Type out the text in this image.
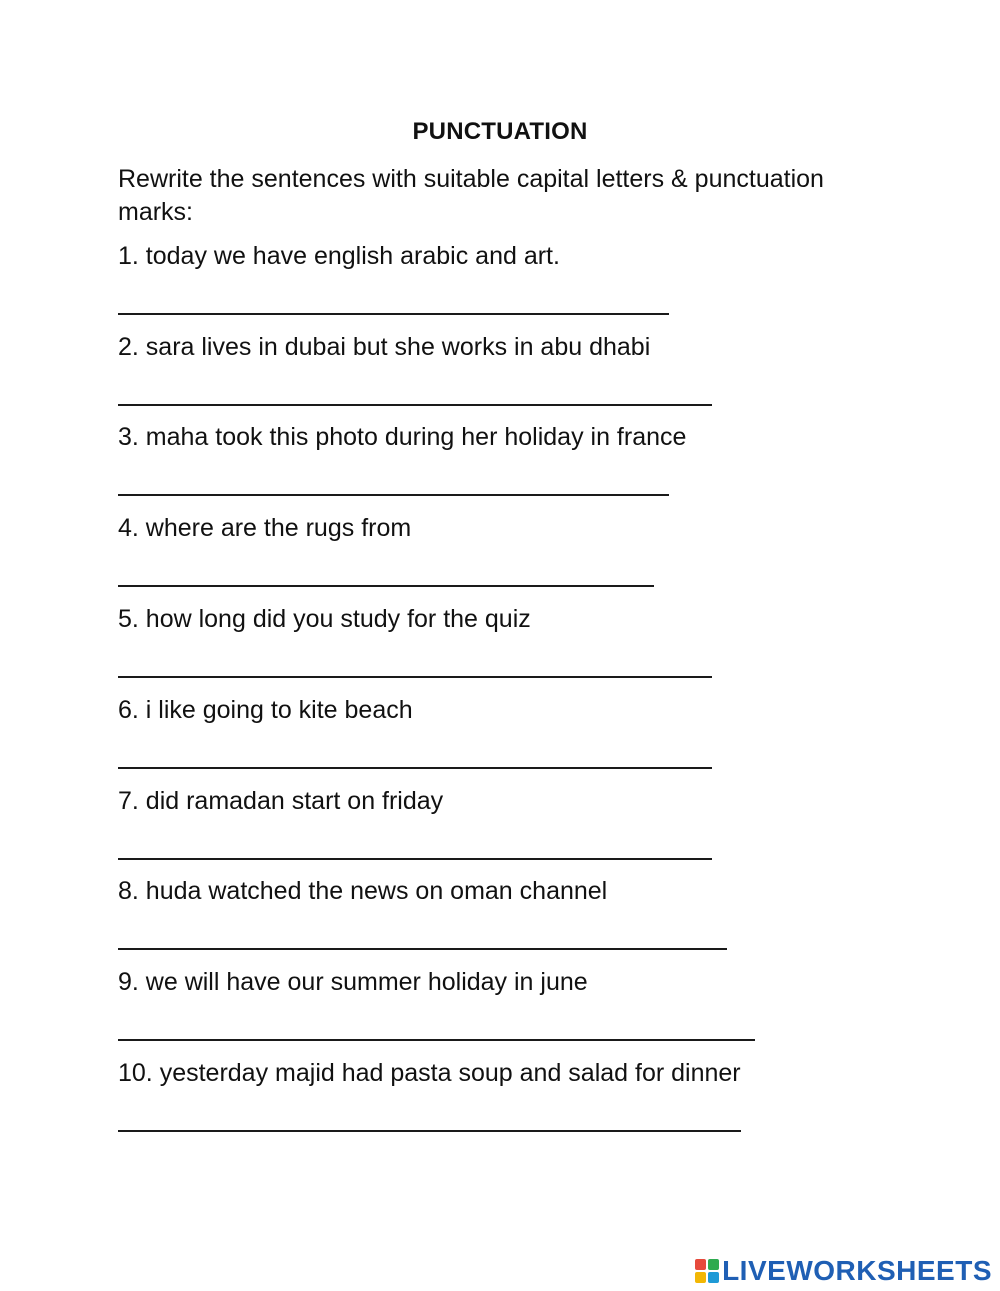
PUNCTUATION
Rewrite the sentences with suitable capital letters & punctuation marks:
1. today we have english arabic and art.
2. sara lives in dubai but she works in abu dhabi
3. maha took this photo during her holiday in france
4. where are the rugs from
5. how long did you study for the quiz
6. i like going to kite beach
7. did ramadan start on friday
8. huda watched the news on oman channel
9. we will have our summer holiday in june
10. yesterday majid had pasta soup and salad for dinner
LIVEWORKSHEETS
